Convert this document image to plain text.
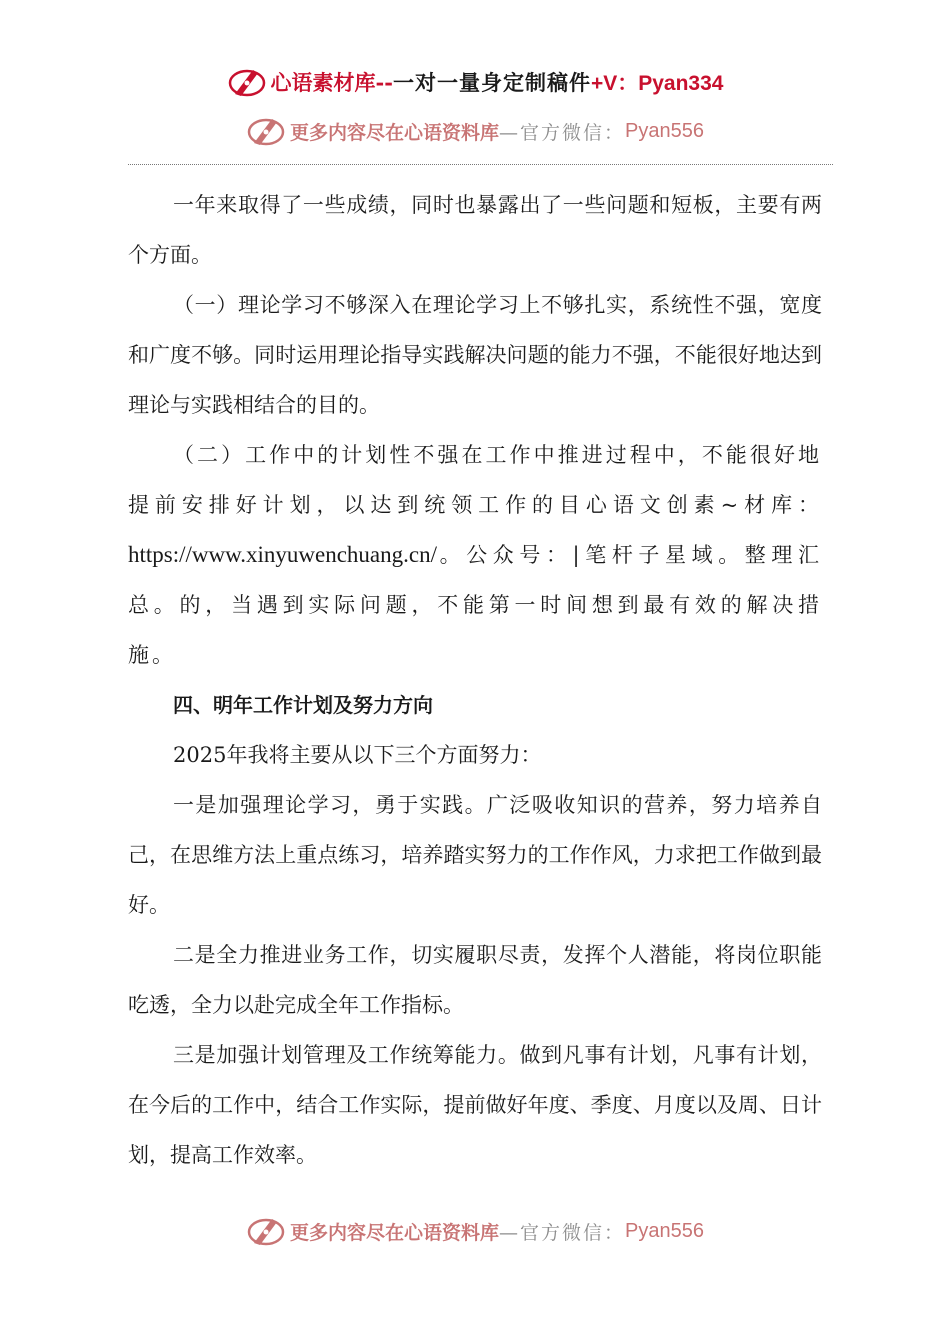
心语素材库 -- 一对一量身定制稿件 +V：Pyan334
更多内容尽在心语资料库 —官方微信： Pyan556

一年来取得了一些成绩，同时也暴露出了一些问题和短板，主要有两个方面。

（一）理论学习不够深入在理论学习上不够扎实，系统性不强，宽度和广度不够。同时运用理论指导实践解决问题的能力不强，不能很好地达到理论与实践相结合的目的。

（二）工作中的计划性不强在工作中推进过程中，不能很好地提前安排好计划，以达到统领工作的目心语文创素~材库：https://www.xinyuwenchuang.cn/。公众号：|笔杆子星域。整理汇总。的，当遇到实际问题，不能第一时间想到最有效的解决措施。

四、明年工作计划及努力方向

2025年我将主要从以下三个方面努力：

一是加强理论学习，勇于实践。广泛吸收知识的营养，努力培养自己，在思维方法上重点练习，培养踏实努力的工作作风，力求把工作做到最好。

二是全力推进业务工作，切实履职尽责，发挥个人潜能，将岗位职能吃透，全力以赴完成全年工作指标。

三是加强计划管理及工作统筹能力。做到凡事有计划，凡事有计划，在今后的工作中，结合工作实际，提前做好年度、季度、月度以及周、日计划，提高工作效率。

更多内容尽在心语资料库 —官方微信： Pyan556
